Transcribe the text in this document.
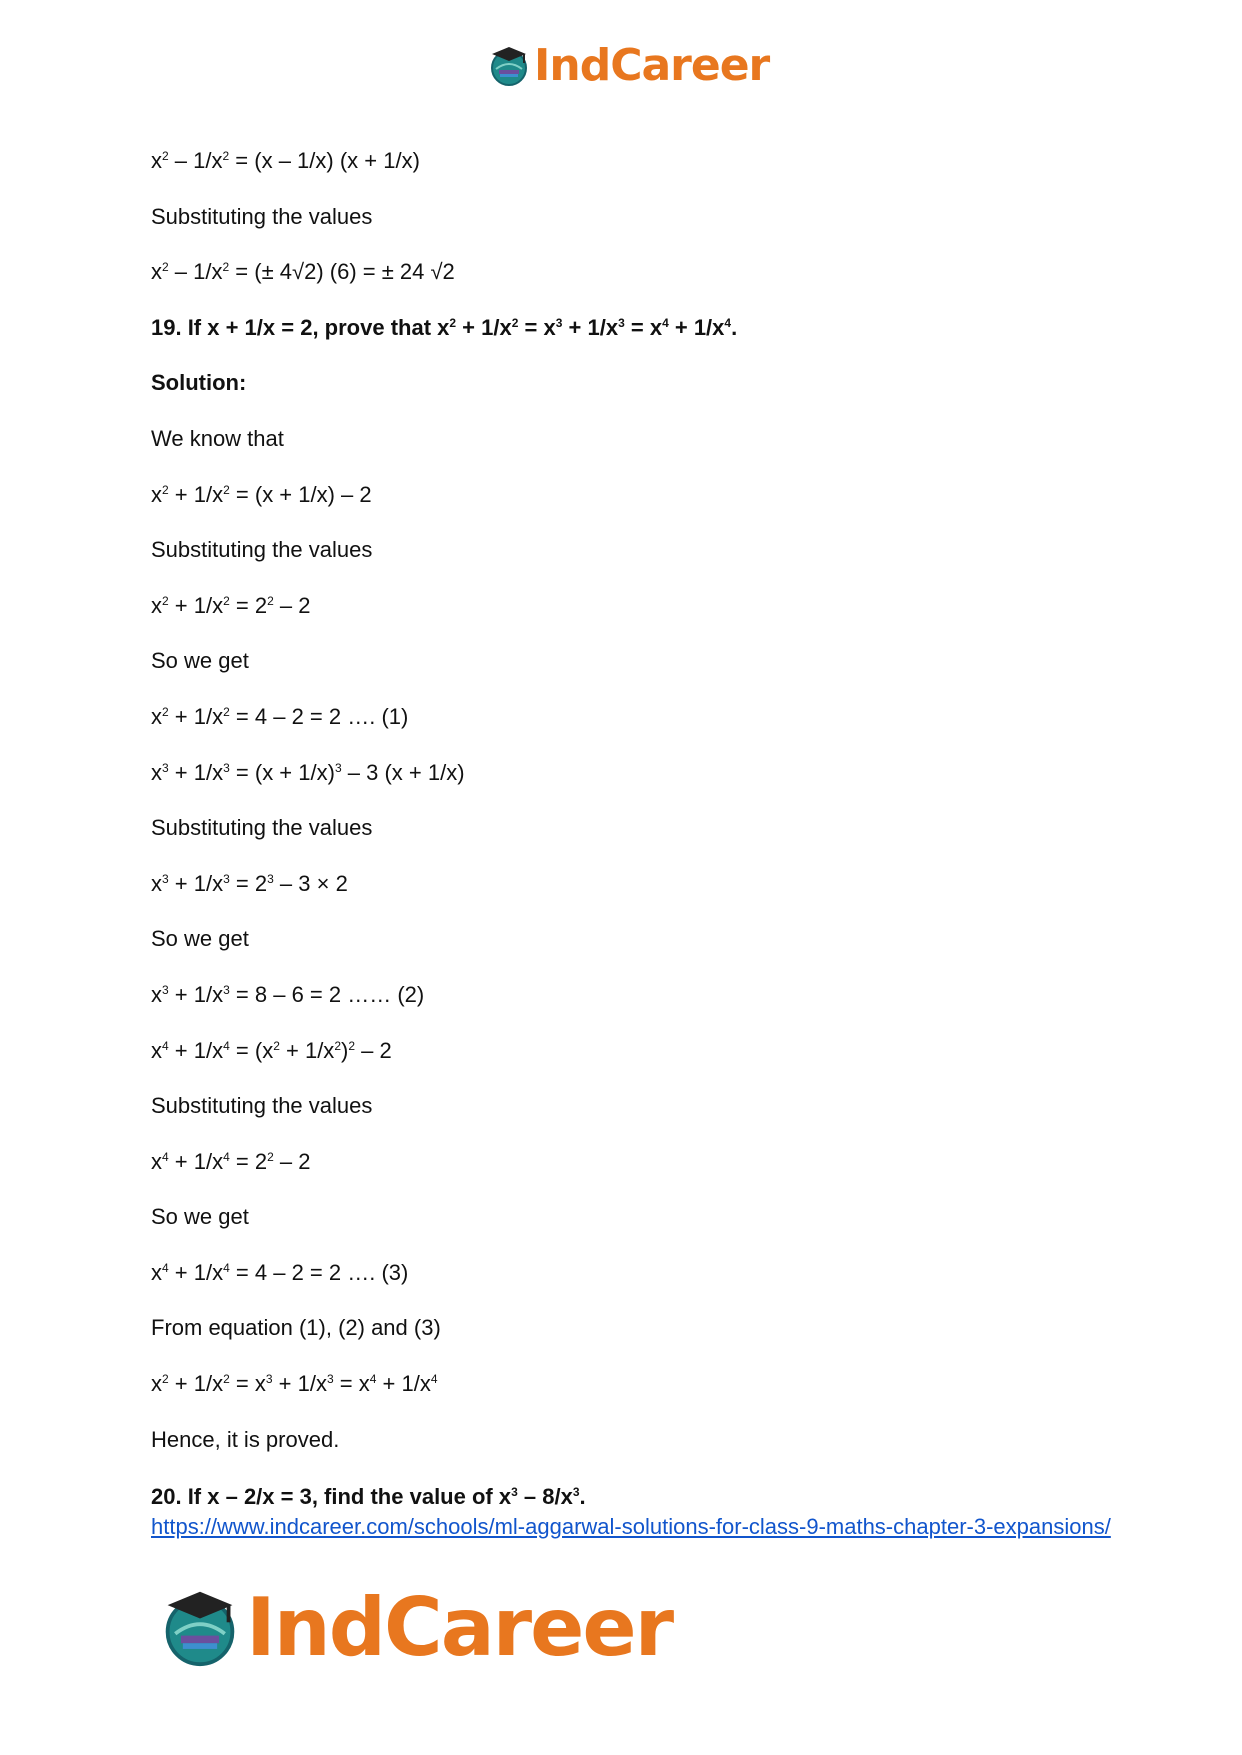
IndCareer
$x^2 - 1/x^2 = (x - 1/x) (x + 1/x)$
Substituting the values
$x^2 - 1/x^2$ = (± 4√2) (6) = ± 24 √2
19. If x + 1/x = 2, prove that $x^2 + 1/x^2 = x^3 + 1/x^3 = x^4 + 1/x^4$.
Solution:
We know that
$x^2 + 1/x^2 = (x + 1/x) - 2$
Substituting the values
$x^2 + 1/x^2 = 2^2 - 2$
So we get
$x^2 + 1/x^2 = 4 - 2 = 2$ …. (1)
$x^3 + 1/x^3 = (x + 1/x)^3 - 3$ (x + 1/x)
Substituting the values
$x^3 + 1/x^3 = 2^3 - 3 \times 2$
So we get
$x^3 + 1/x^3 = 8 - 6 = 2$ …… (2)
$x^4 + 1/x^4 = (x^2 + 1/x^2)^2 - 2$
Substituting the values
$x^4 + 1/x^4 = 2^2 - 2$
So we get
$x^4 + 1/x^4 = 4 - 2 = 2$ …. (3)
From equation (1), (2) and (3)
$x^2 + 1/x^2 = x^3 + 1/x^3 = x^4 + 1/x^4$
Hence, it is proved.
20. If x – 2/x = 3, find the value of $x^3 - 8/x^3$.
https://www.indcareer.com/schools/ml-aggarwal-solutions-for-class-9-maths-chapter-3-expansions/
IndCareer
